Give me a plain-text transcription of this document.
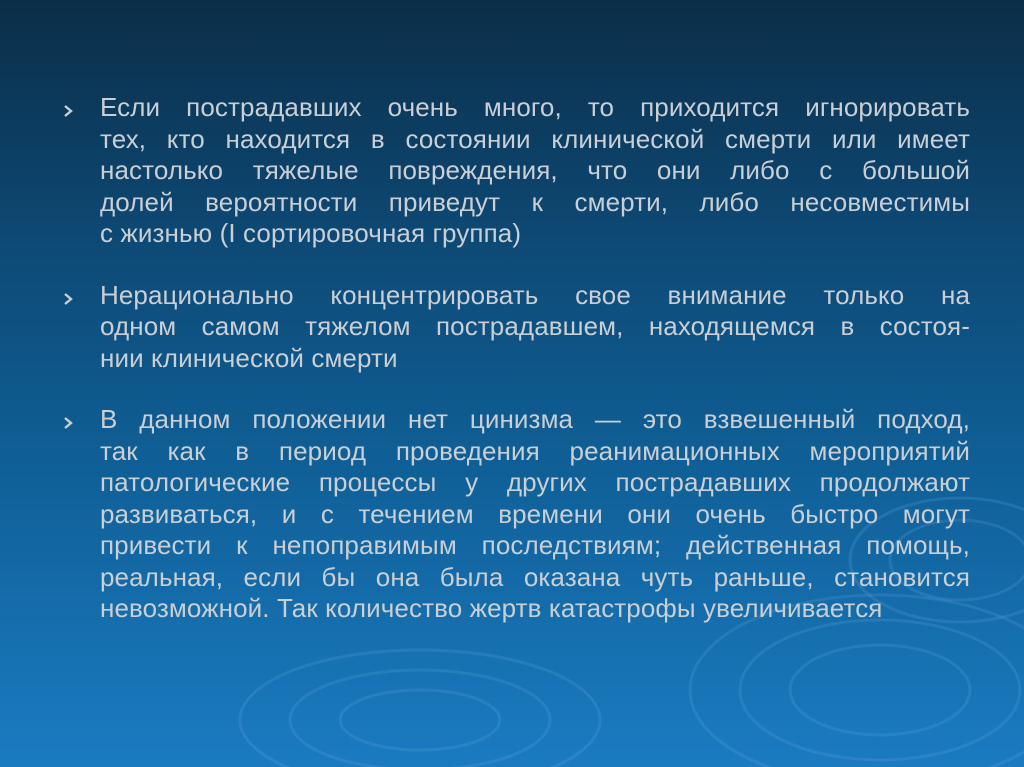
Если пострадавших очень много, то приходится игнорировать
тех, кто находится в состоянии клинической смерти или имеет
настолько тяжелые повреждения, что они либо с большой
долей вероятности приведут к смерти, либо несовместимы
с жизнью (I сортировочная группа)
Нерационально концентрировать свое внимание только на
одном самом тяжелом пострадавшем, находящемся в состоя-
нии клинической смерти
В данном положении нет цинизма — это взвешенный подход,
так как в период проведения реанимационных мероприятий
патологические процессы у других пострадавших продолжают
развиваться, и с течением времени они очень быстро могут
привести к непоправимым последствиям; действенная помощь,
реальная, если бы она была оказана чуть раньше, становится
невозможной. Так количество жертв катастрофы увеличивается
